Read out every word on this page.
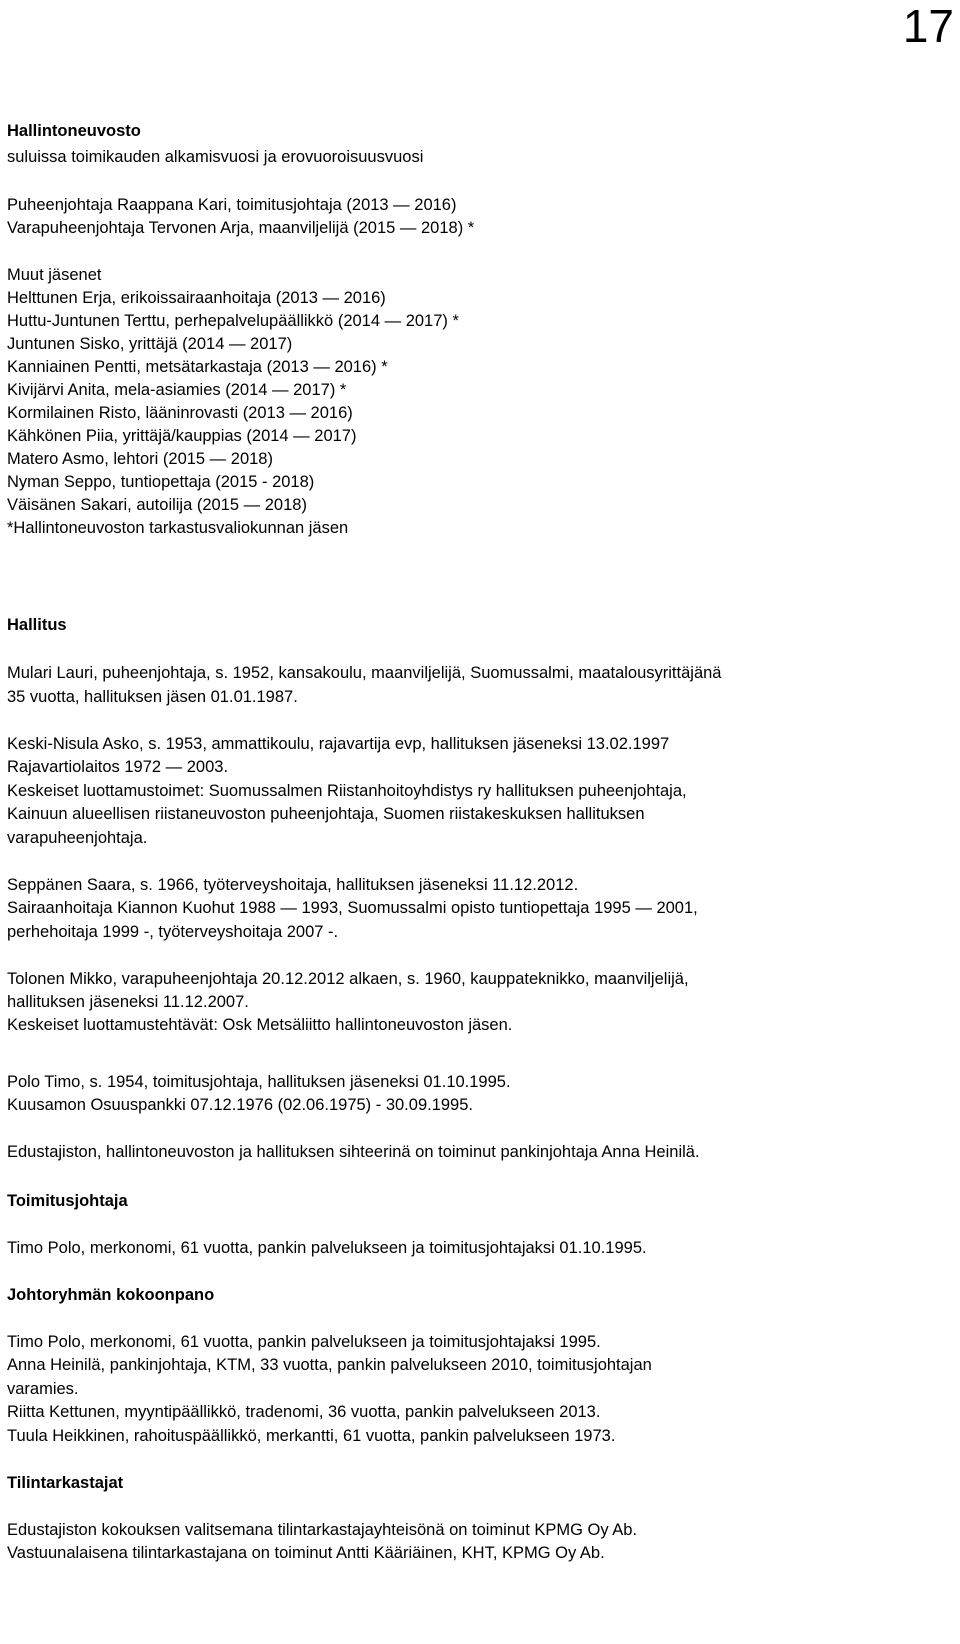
17
Hallintoneuvosto
suluissa toimikauden alkamisvuosi ja erovuoroisuusvuosi
Puheenjohtaja Raappana Kari, toimitusjohtaja (2013 — 2016)
Varapuheenjohtaja Tervonen Arja, maanviljelijä (2015 — 2018) *
Muut jäsenet
Helttunen Erja, erikoissairaanhoitaja (2013 — 2016)
Huttu-Juntunen Terttu, perhepalvelupäällikkö (2014 — 2017) *
Juntunen Sisko, yrittäjä (2014 — 2017)
Kanniainen Pentti, metsätarkastaja (2013 — 2016) *
Kivijärvi Anita, mela-asiamies (2014 — 2017) *
Kormilainen Risto, lääninrovasti (2013 — 2016)
Kähkönen Piia, yrittäjä/kauppias (2014 — 2017)
Matero Asmo, lehtori (2015 — 2018)
Nyman Seppo, tuntiopettaja (2015 - 2018)
Väisänen Sakari, autoilija (2015 — 2018)
*Hallintoneuvoston tarkastusvaliokunnan jäsen
Hallitus
Mulari Lauri, puheenjohtaja, s. 1952, kansakoulu, maanviljelijä, Suomussalmi, maatalousyrittäjänä
35 vuotta, hallituksen jäsen 01.01.1987.
Keski-Nisula Asko, s. 1953, ammattikoulu, rajavartija evp, hallituksen jäseneksi 13.02.1997
Rajavartiolaitos 1972 — 2003.
Keskeiset luottamustoimet: Suomussalmen Riistanhoitoyhdistys ry hallituksen puheenjohtaja,
Kainuun alueellisen riistaneuvoston puheenjohtaja, Suomen riistakeskuksen hallituksen
varapuheenjohtaja.
Seppänen Saara, s. 1966, työterveyshoitaja, hallituksen jäseneksi 11.12.2012.
Sairaanhoitaja Kiannon Kuohut 1988 — 1993, Suomussalmi opisto tuntiopettaja 1995 — 2001,
perhehoitaja 1999 -, työterveyshoitaja 2007 -.
Tolonen Mikko, varapuheenjohtaja 20.12.2012 alkaen, s. 1960, kauppateknikko, maanviljelijä,
hallituksen jäseneksi 11.12.2007.
Keskeiset luottamustehtävät: Osk Metsäliitto hallintoneuvoston jäsen.
Polo Timo, s. 1954, toimitusjohtaja, hallituksen jäseneksi 01.10.1995.
Kuusamon Osuuspankki 07.12.1976 (02.06.1975) - 30.09.1995.
Edustajiston, hallintoneuvoston ja hallituksen sihteerinä on toiminut pankinjohtaja Anna Heinilä.
Toimitusjohtaja
Timo Polo, merkonomi, 61 vuotta, pankin palvelukseen ja toimitusjohtajaksi 01.10.1995.
Johtoryhmän kokoonpano
Timo Polo, merkonomi, 61 vuotta, pankin palvelukseen ja toimitusjohtajaksi 1995.
Anna Heinilä, pankinjohtaja, KTM, 33 vuotta, pankin palvelukseen 2010, toimitusjohtajan
varamies.
Riitta Kettunen, myyntipäällikkö, tradenomi, 36 vuotta, pankin palvelukseen 2013.
Tuula Heikkinen, rahoituspäällikkö, merkantti, 61 vuotta, pankin palvelukseen 1973.
Tilintarkastajat
Edustajiston kokouksen valitsemana tilintarkastajayhteisönä on toiminut KPMG Oy Ab.
Vastuunalaisena tilintarkastajana on toiminut Antti Kääriäinen, KHT, KPMG Oy Ab.
